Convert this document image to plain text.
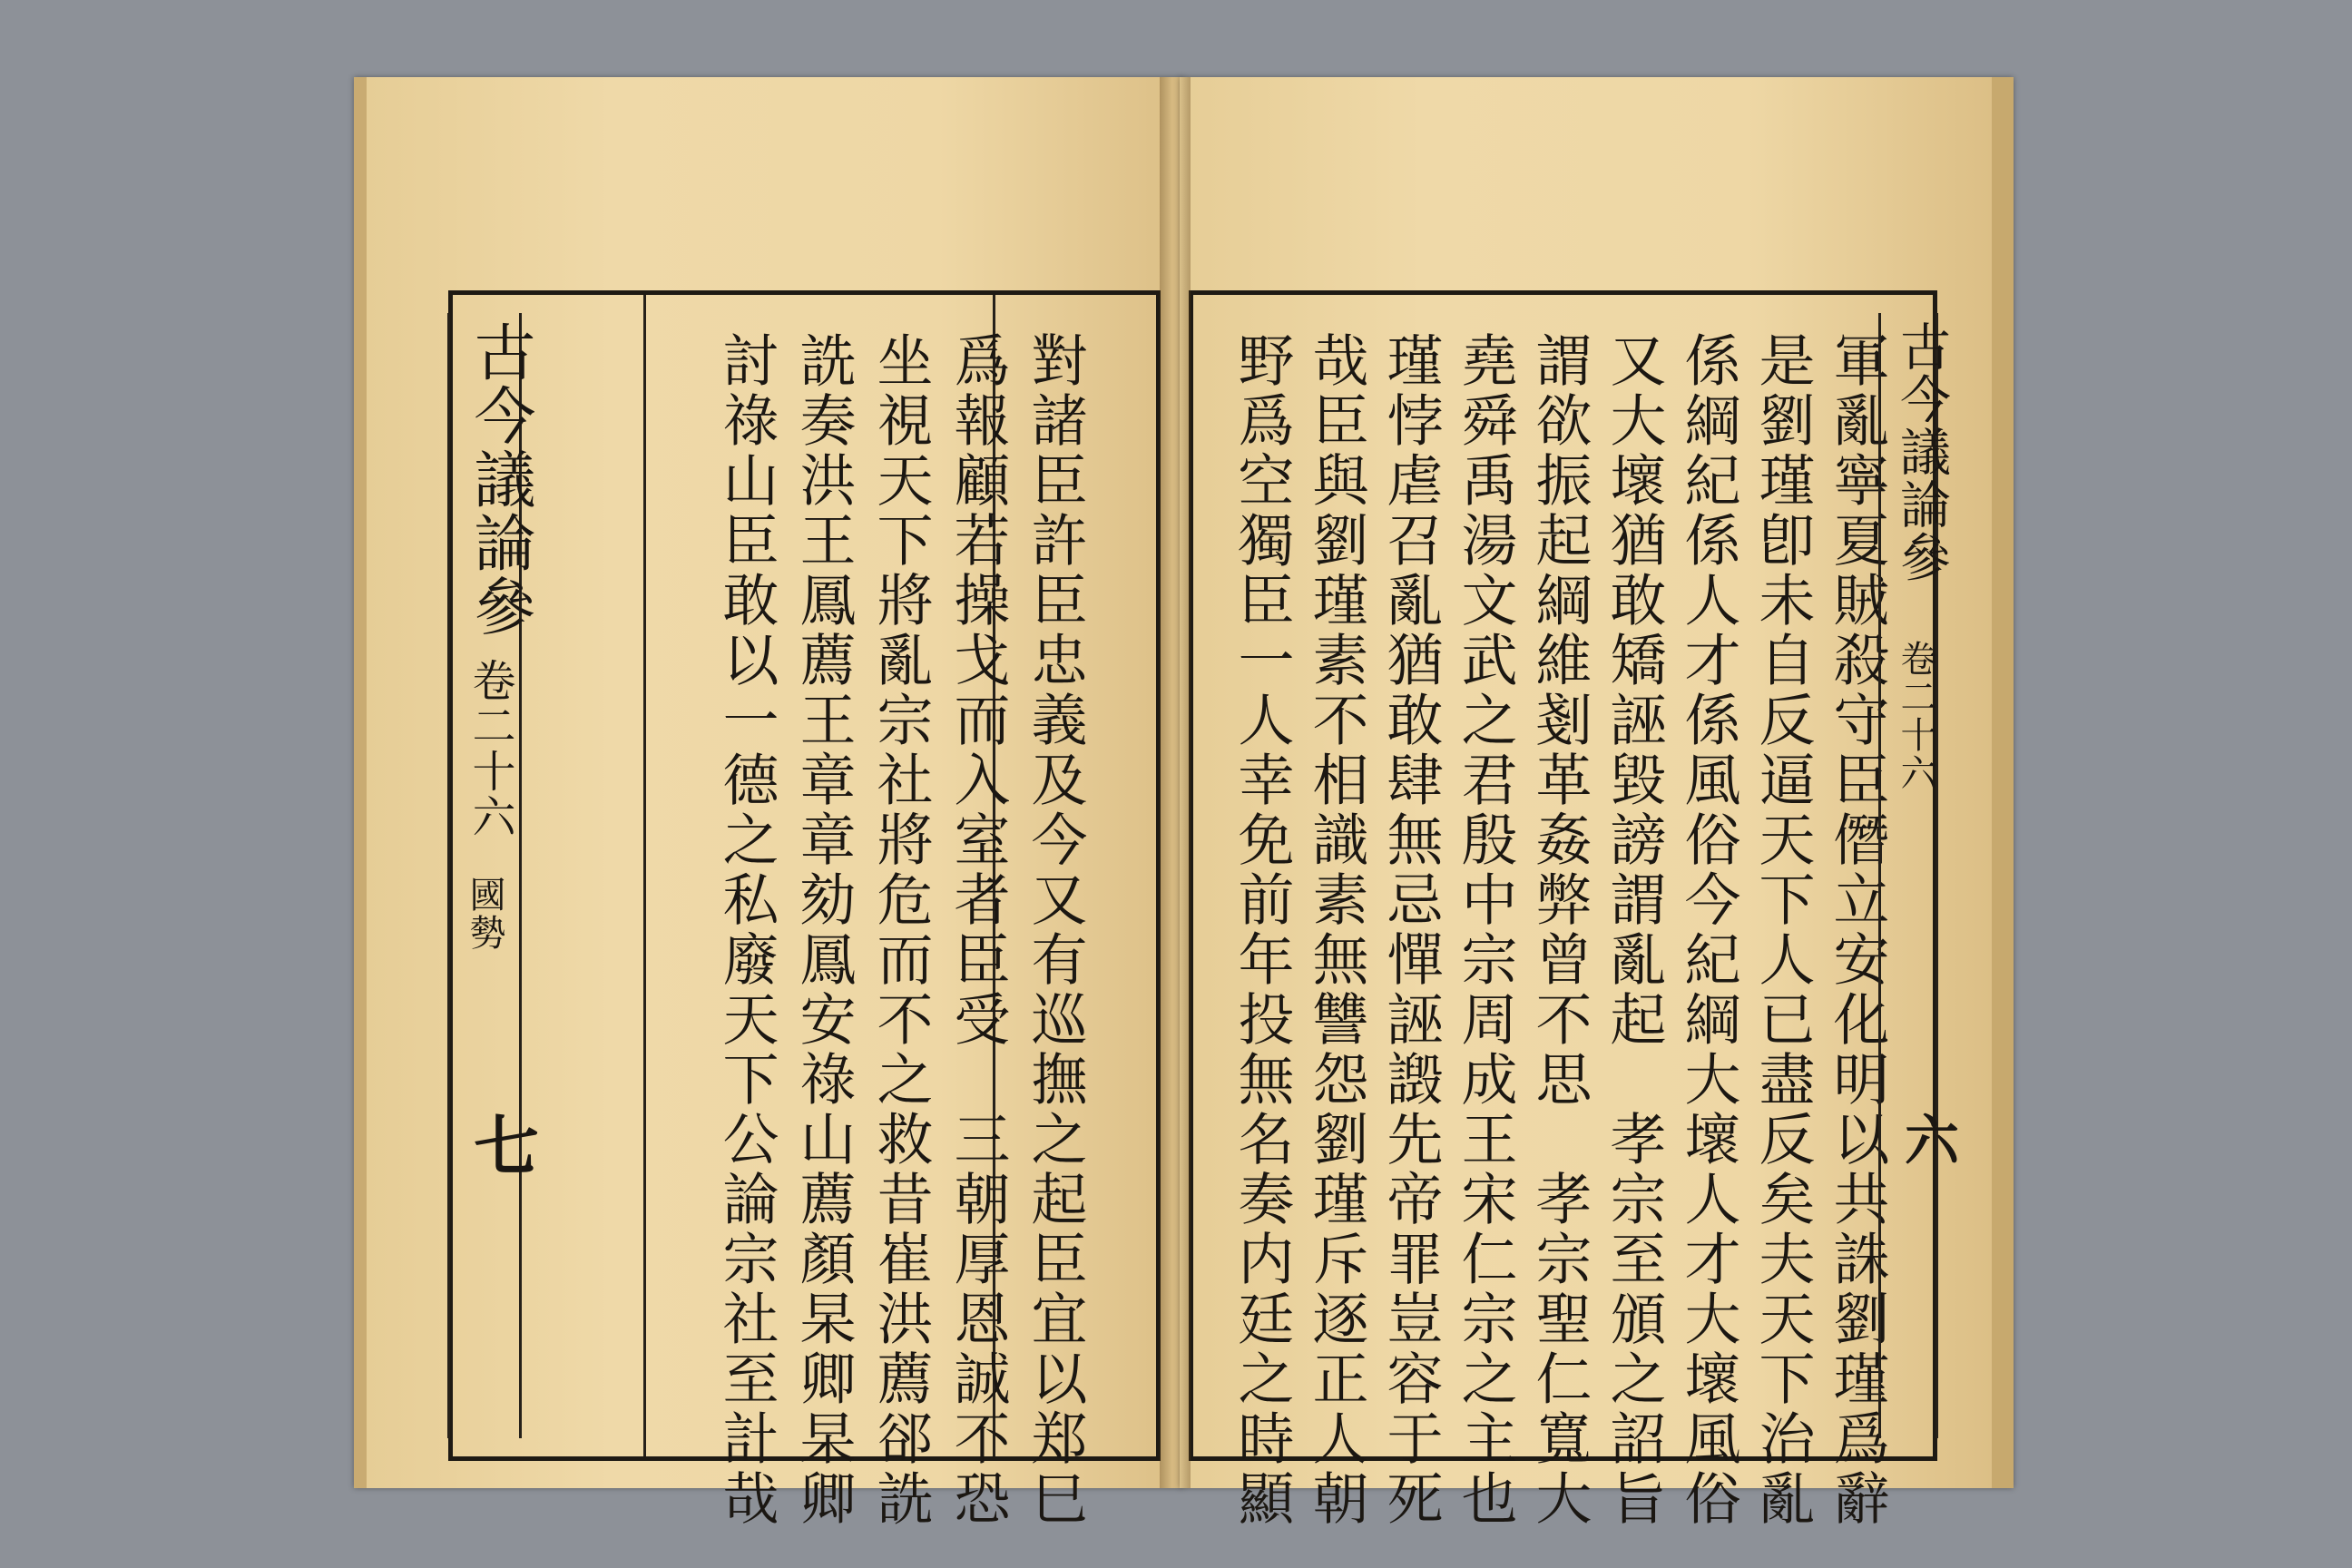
對諸臣許臣忠義及今又有巡撫之起臣宜以郑巳
爲報顧若操戈而入室者臣受　三朝厚恩誠不恐
坐視天下將亂宗社將危而不之救昔崔洪薦郤詵
詵奏洪王鳳薦王章章劾鳳安祿山薦顏杲卿杲卿
討祿山臣敢以一德之私廢天下公論宗社至計哉
古今議論參
卷二十六
國勢
七	軍亂寧夏賊殺守臣僭立安化明以共誅劉瑾爲辭
是劉瑾卽未自反逼天下人已盡反矣夫天下治亂
係綱紀係人才係風俗今紀綱大壞人才大壞風俗
又大壞猶敢矯誣毀謗謂亂起　孝宗至頒之詔旨
謂欲振起綱維剗革姦弊曾不思　孝宗聖仁寬大
堯舜禹湯文武之君殷中宗周成王宋仁宗之主也
瑾悖虐召亂猶敢肆無忌憚誣譭先帝罪豈容于死
哉臣與劉瑾素不相識素無讐怨劉瑾斥逐正人朝
野爲空獨臣一人幸免前年投無名奏内廷之時顯	古今議論參
卷二十六
六
